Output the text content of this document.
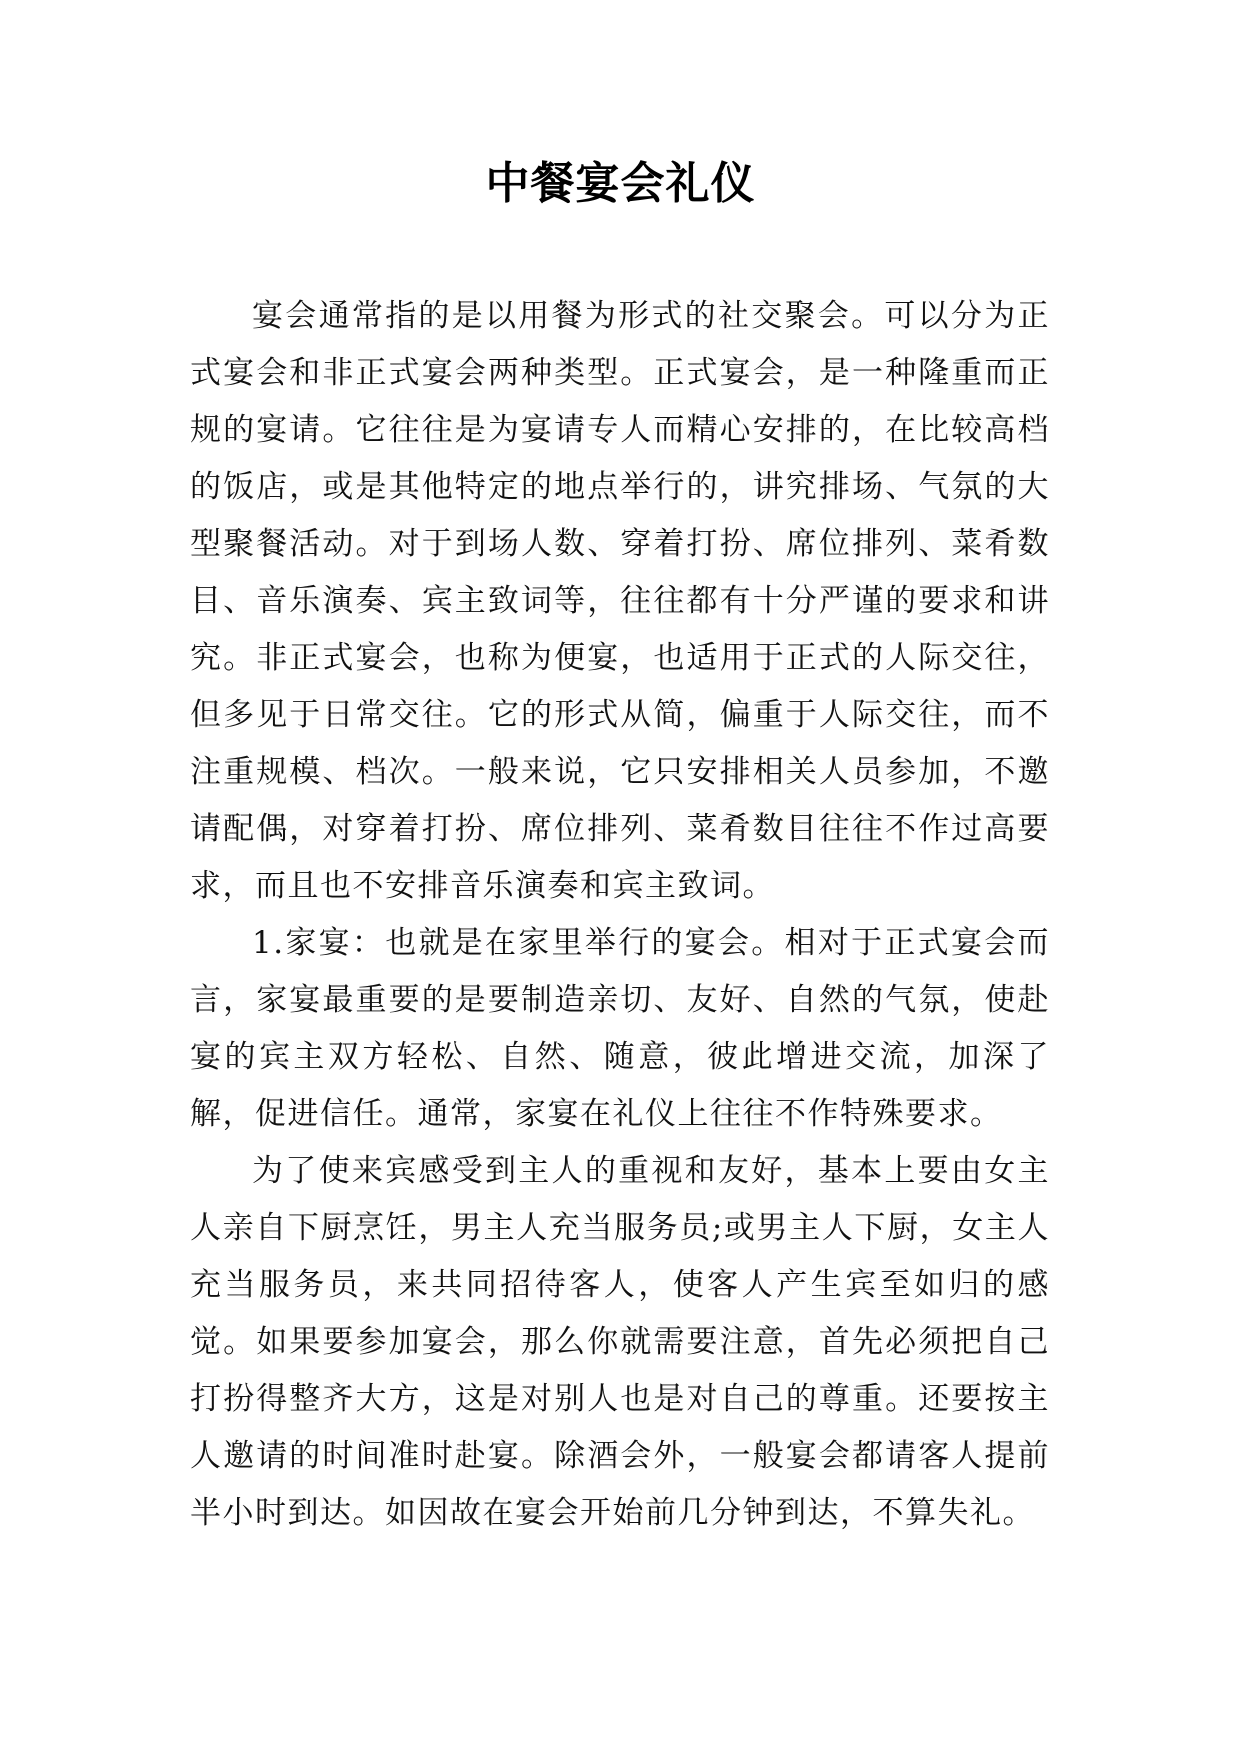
中餐宴会礼仪

宴会通常指的是以用餐为形式的社交聚会。可以分为正式宴会和非正式宴会两种类型。正式宴会，是一种隆重而正规的宴请。它往往是为宴请专人而精心安排的，在比较高档的饭店，或是其他特定的地点举行的，讲究排场、气氛的大型聚餐活动。对于到场人数、穿着打扮、席位排列、菜肴数目、音乐演奏、宾主致词等，往往都有十分严谨的要求和讲究。非正式宴会，也称为便宴，也适用于正式的人际交往，但多见于日常交往。它的形式从简，偏重于人际交往，而不注重规模、档次。一般来说，它只安排相关人员参加，不邀请配偶，对穿着打扮、席位排列、菜肴数目往往不作过高要求，而且也不安排音乐演奏和宾主致词。

1.家宴：也就是在家里举行的宴会。相对于正式宴会而言，家宴最重要的是要制造亲切、友好、自然的气氛，使赴宴的宾主双方轻松、自然、随意，彼此增进交流，加深了解，促进信任。通常，家宴在礼仪上往往不作特殊要求。

为了使来宾感受到主人的重视和友好，基本上要由女主人亲自下厨烹饪，男主人充当服务员;或男主人下厨，女主人充当服务员，来共同招待客人，使客人产生宾至如归的感觉。如果要参加宴会，那么你就需要注意，首先必须把自己打扮得整齐大方，这是对别人也是对自己的尊重。还要按主人邀请的时间准时赴宴。除酒会外，一般宴会都请客人提前半小时到达。如因故在宴会开始前几分钟到达，不算失礼。
